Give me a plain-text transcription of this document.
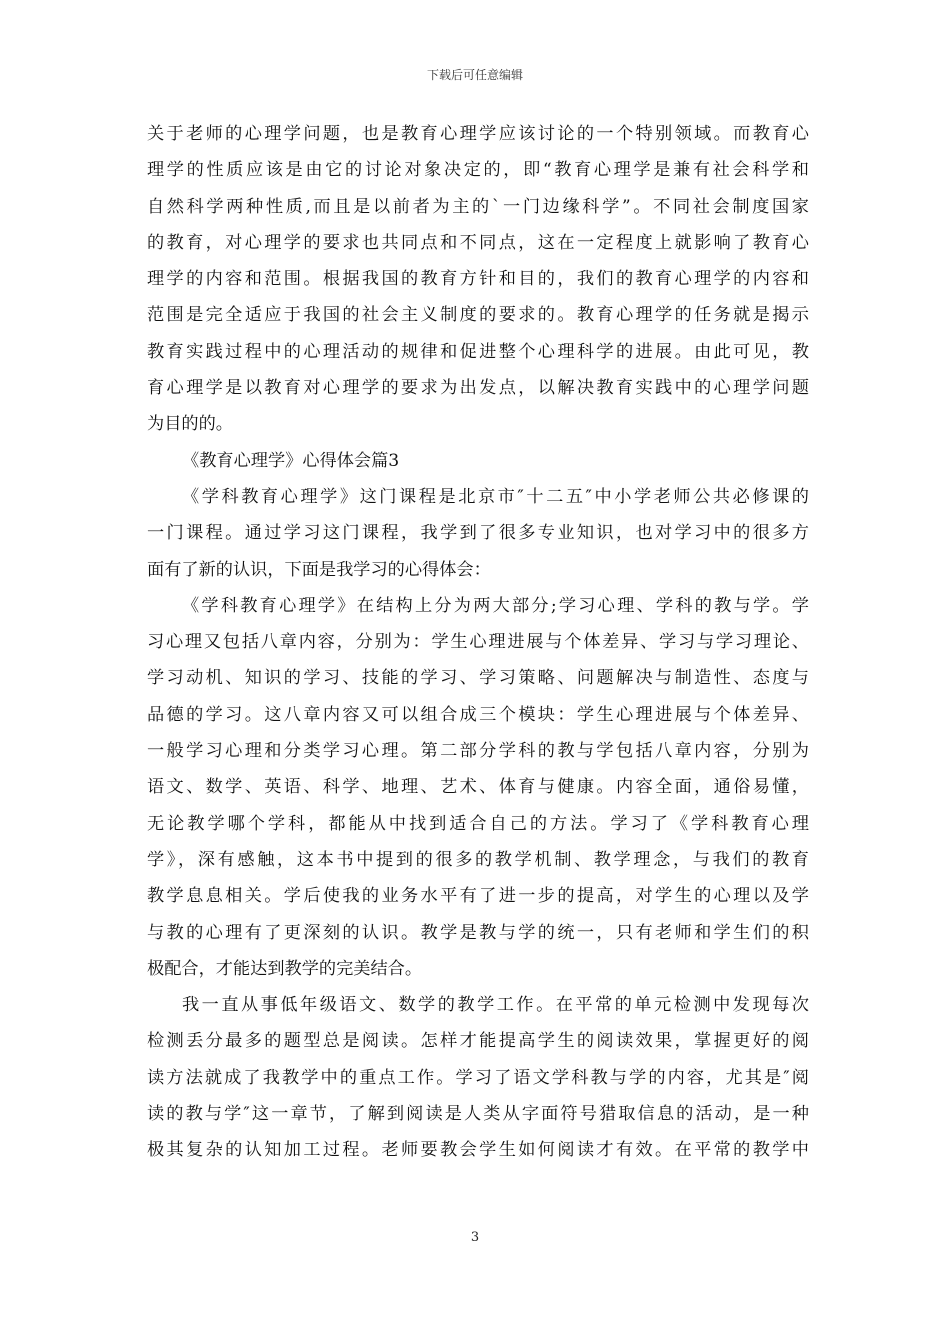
下载后可任意编辑
关于老师的心理学问题，也是教育心理学应该讨论的一个特别领域。而教育心
理学的性质应该是由它的讨论对象决定的，即“教育心理学是兼有社会科学和
自然科学两种性质,而且是以前者为主的`一门边缘科学”。不同社会制度国家
的教育，对心理学的要求也共同点和不同点，这在一定程度上就影响了教育心
理学的内容和范围。根据我国的教育方针和目的，我们的教育心理学的内容和
范围是完全适应于我国的社会主义制度的要求的。教育心理学的任务就是揭示
教育实践过程中的心理活动的规律和促进整个心理科学的进展。由此可见，教
育心理学是以教育对心理学的要求为出发点，以解决教育实践中的心理学问题
为目的的。
《教育心理学》心得体会篇3
《学科教育心理学》这门课程是北京市″十二五″中小学老师公共必修课的
一门课程。通过学习这门课程，我学到了很多专业知识，也对学习中的很多方
面有了新的认识，下面是我学习的心得体会：
《学科教育心理学》在结构上分为两大部分;学习心理、学科的教与学。学
习心理又包括八章内容，分别为：学生心理进展与个体差异、学习与学习理论、
学习动机、知识的学习、技能的学习、学习策略、问题解决与制造性、态度与
品德的学习。这八章内容又可以组合成三个模块：学生心理进展与个体差异、
一般学习心理和分类学习心理。第二部分学科的教与学包括八章内容，分别为
语文、数学、英语、科学、地理、艺术、体育与健康。内容全面，通俗易懂，
无论教学哪个学科，都能从中找到适合自己的方法。学习了《学科教育心理
学》，深有感触，这本书中提到的很多的教学机制、教学理念，与我们的教育
教学息息相关。学后使我的业务水平有了进一步的提高，对学生的心理以及学
与教的心理有了更深刻的认识。教学是教与学的统一，只有老师和学生们的积
极配合，才能达到教学的完美结合。
我一直从事低年级语文、数学的教学工作。在平常的单元检测中发现每次
检测丢分最多的题型总是阅读。怎样才能提高学生的阅读效果，掌握更好的阅
读方法就成了我教学中的重点工作。学习了语文学科教与学的内容，尤其是″阅
读的教与学″这一章节，了解到阅读是人类从字面符号猎取信息的活动，是一种
极其复杂的认知加工过程。老师要教会学生如何阅读才有效。在平常的教学中
3
